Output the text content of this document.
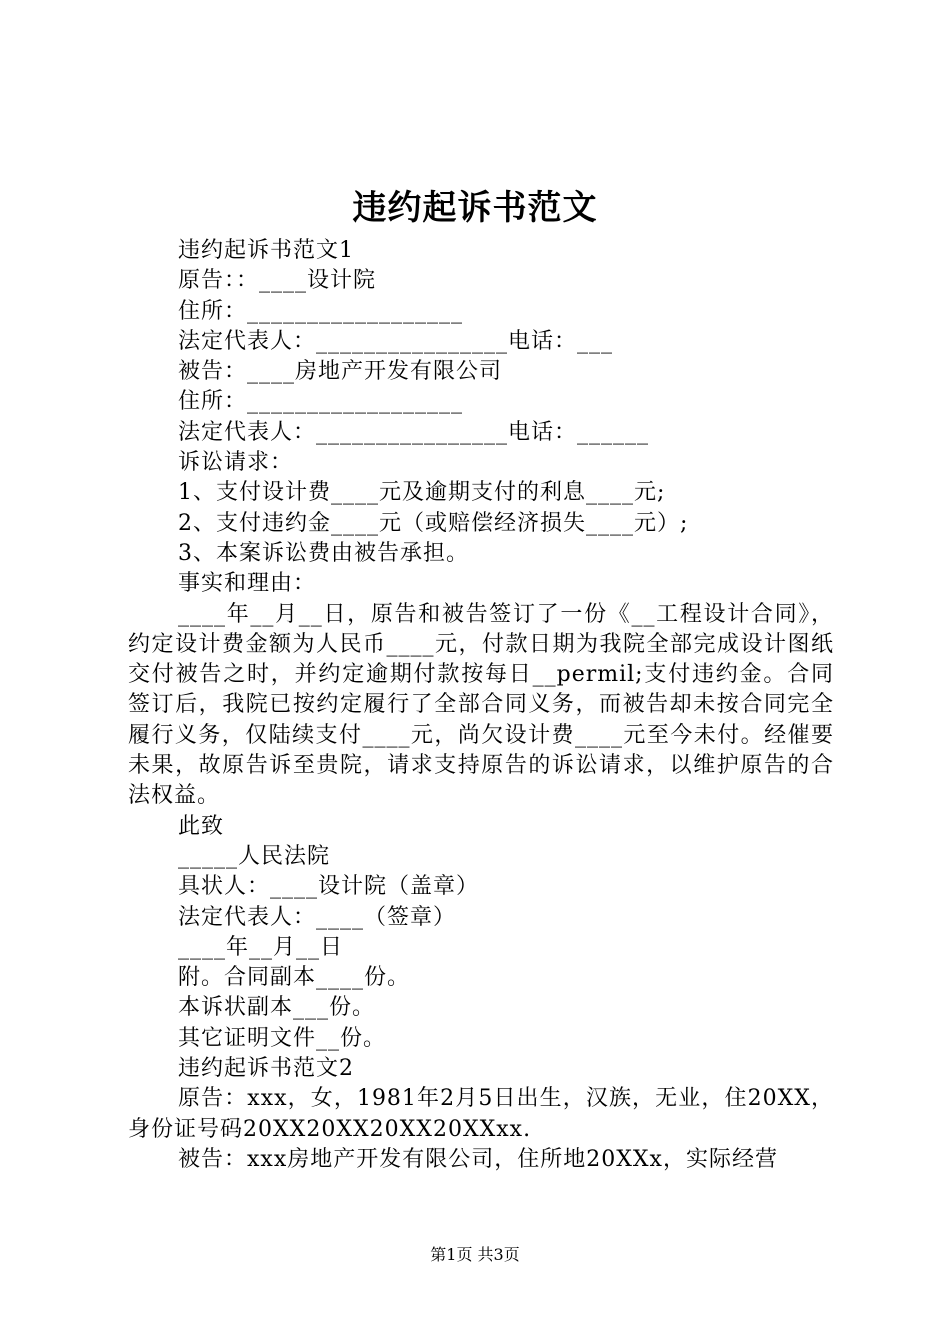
违约起诉书范文

违约起诉书范文1

原告：：____设计院

住所：__________________

法定代表人：________________电话：___

被告：____房地产开发有限公司

住所：__________________

法定代表人：________________电话：______

诉讼请求：

1、支付设计费____元及逾期支付的利息____元;

2、支付违约金____元（或赔偿经济损失____元）;

3、本案诉讼费由被告承担。

事实和理由：

____年__月__日，原告和被告签订了一份《__工程设计合同》，约定设计费金额为人民币____元，付款日期为我院全部完成设计图纸交付被告之时，并约定逾期付款按每日__permil;支付违约金。合同签订后，我院已按约定履行了全部合同义务，而被告却未按合同完全履行义务，仅陆续支付____元，尚欠设计费____元至今未付。经催要未果，故原告诉至贵院，请求支持原告的诉讼请求，以维护原告的合法权益。

此致

_____人民法院

具状人：____设计院（盖章）

法定代表人：____（签章）

____年__月__日

附。合同副本____份。

本诉状副本___份。

其它证明文件__份。

违约起诉书范文2

原告：xxx，女，1981年2月5日出生，汉族，无业，住20XX，身份证号码20XX20XX20XX20XXxx.

被告：xxx房地产开发有限公司，住所地20XXx，实际经营

第1页 共3页
